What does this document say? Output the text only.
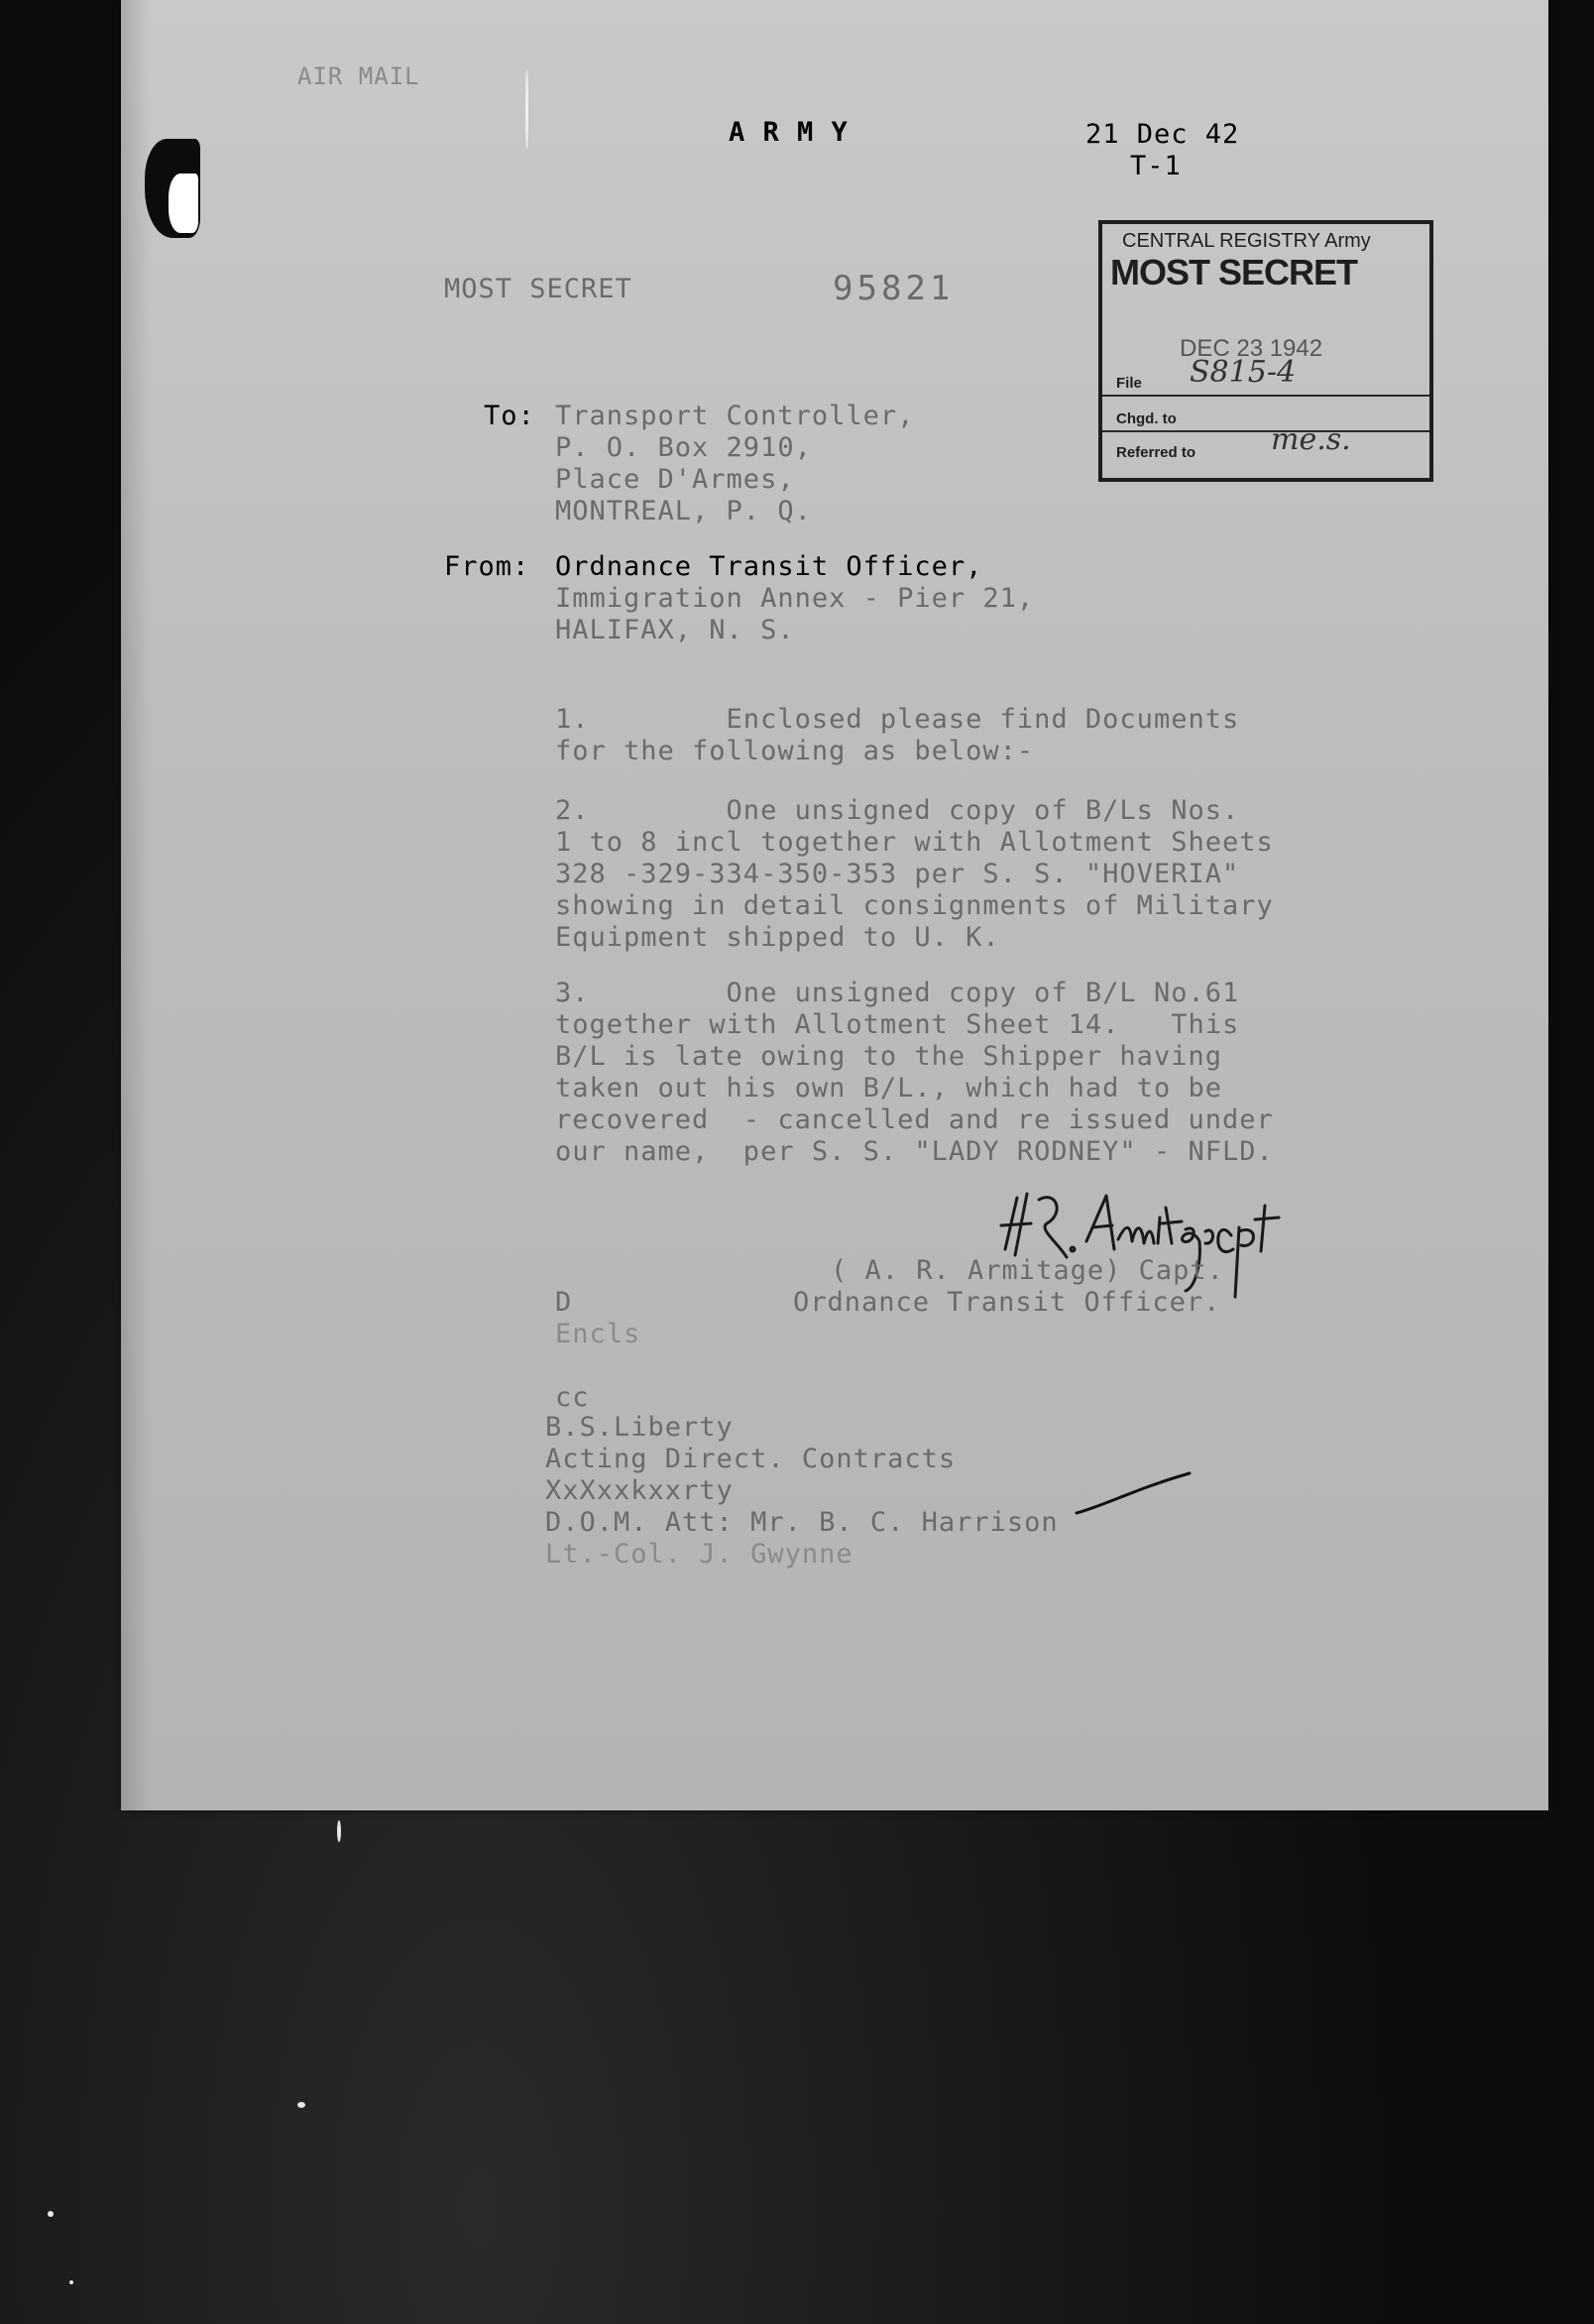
AIR MAIL
A R M Y	21 Dec 42
T-1
MOST SECRET	95821
CENTRAL REGISTRY Army
MOST SECRET
DEC 23 1942
File S815-4
Chgd. to
Referred to	me.s.
To: Transport Controller,
P. O. Box 2910,
Place D'Armes,
MONTREAL, P. Q.
From: Ordnance Transit Officer,
Immigration Annex - Pier 21,
HALIFAX, N. S.
1.        Enclosed please find Documents
for the following as below:-
2.        One unsigned copy of B/Ls Nos.
1 to 8 incl together with Allotment Sheets
328 -329-334-350-353 per S. S. "HOVERIA"
showing in detail consignments of Military
Equipment shipped to U. K.
3.        One unsigned copy of B/L No.61
together with Allotment Sheet 14.   This
B/L is late owing to the Shipper having
taken out his own B/L., which had to be
recovered  - cancelled and re issued under
our name,  per S. S. "LADY RODNEY" - NFLD.
H.R. Armitage Capt
( A. R. Armitage) Capt.
Ordnance Transit Officer.
D
Encls
cc
B.S.Liberty
Acting Direct. Contracts
XxXxxkxxrty
D.O.M. Att: Mr. B. C. Harrison
Lt.-Col. J. Gwynne
